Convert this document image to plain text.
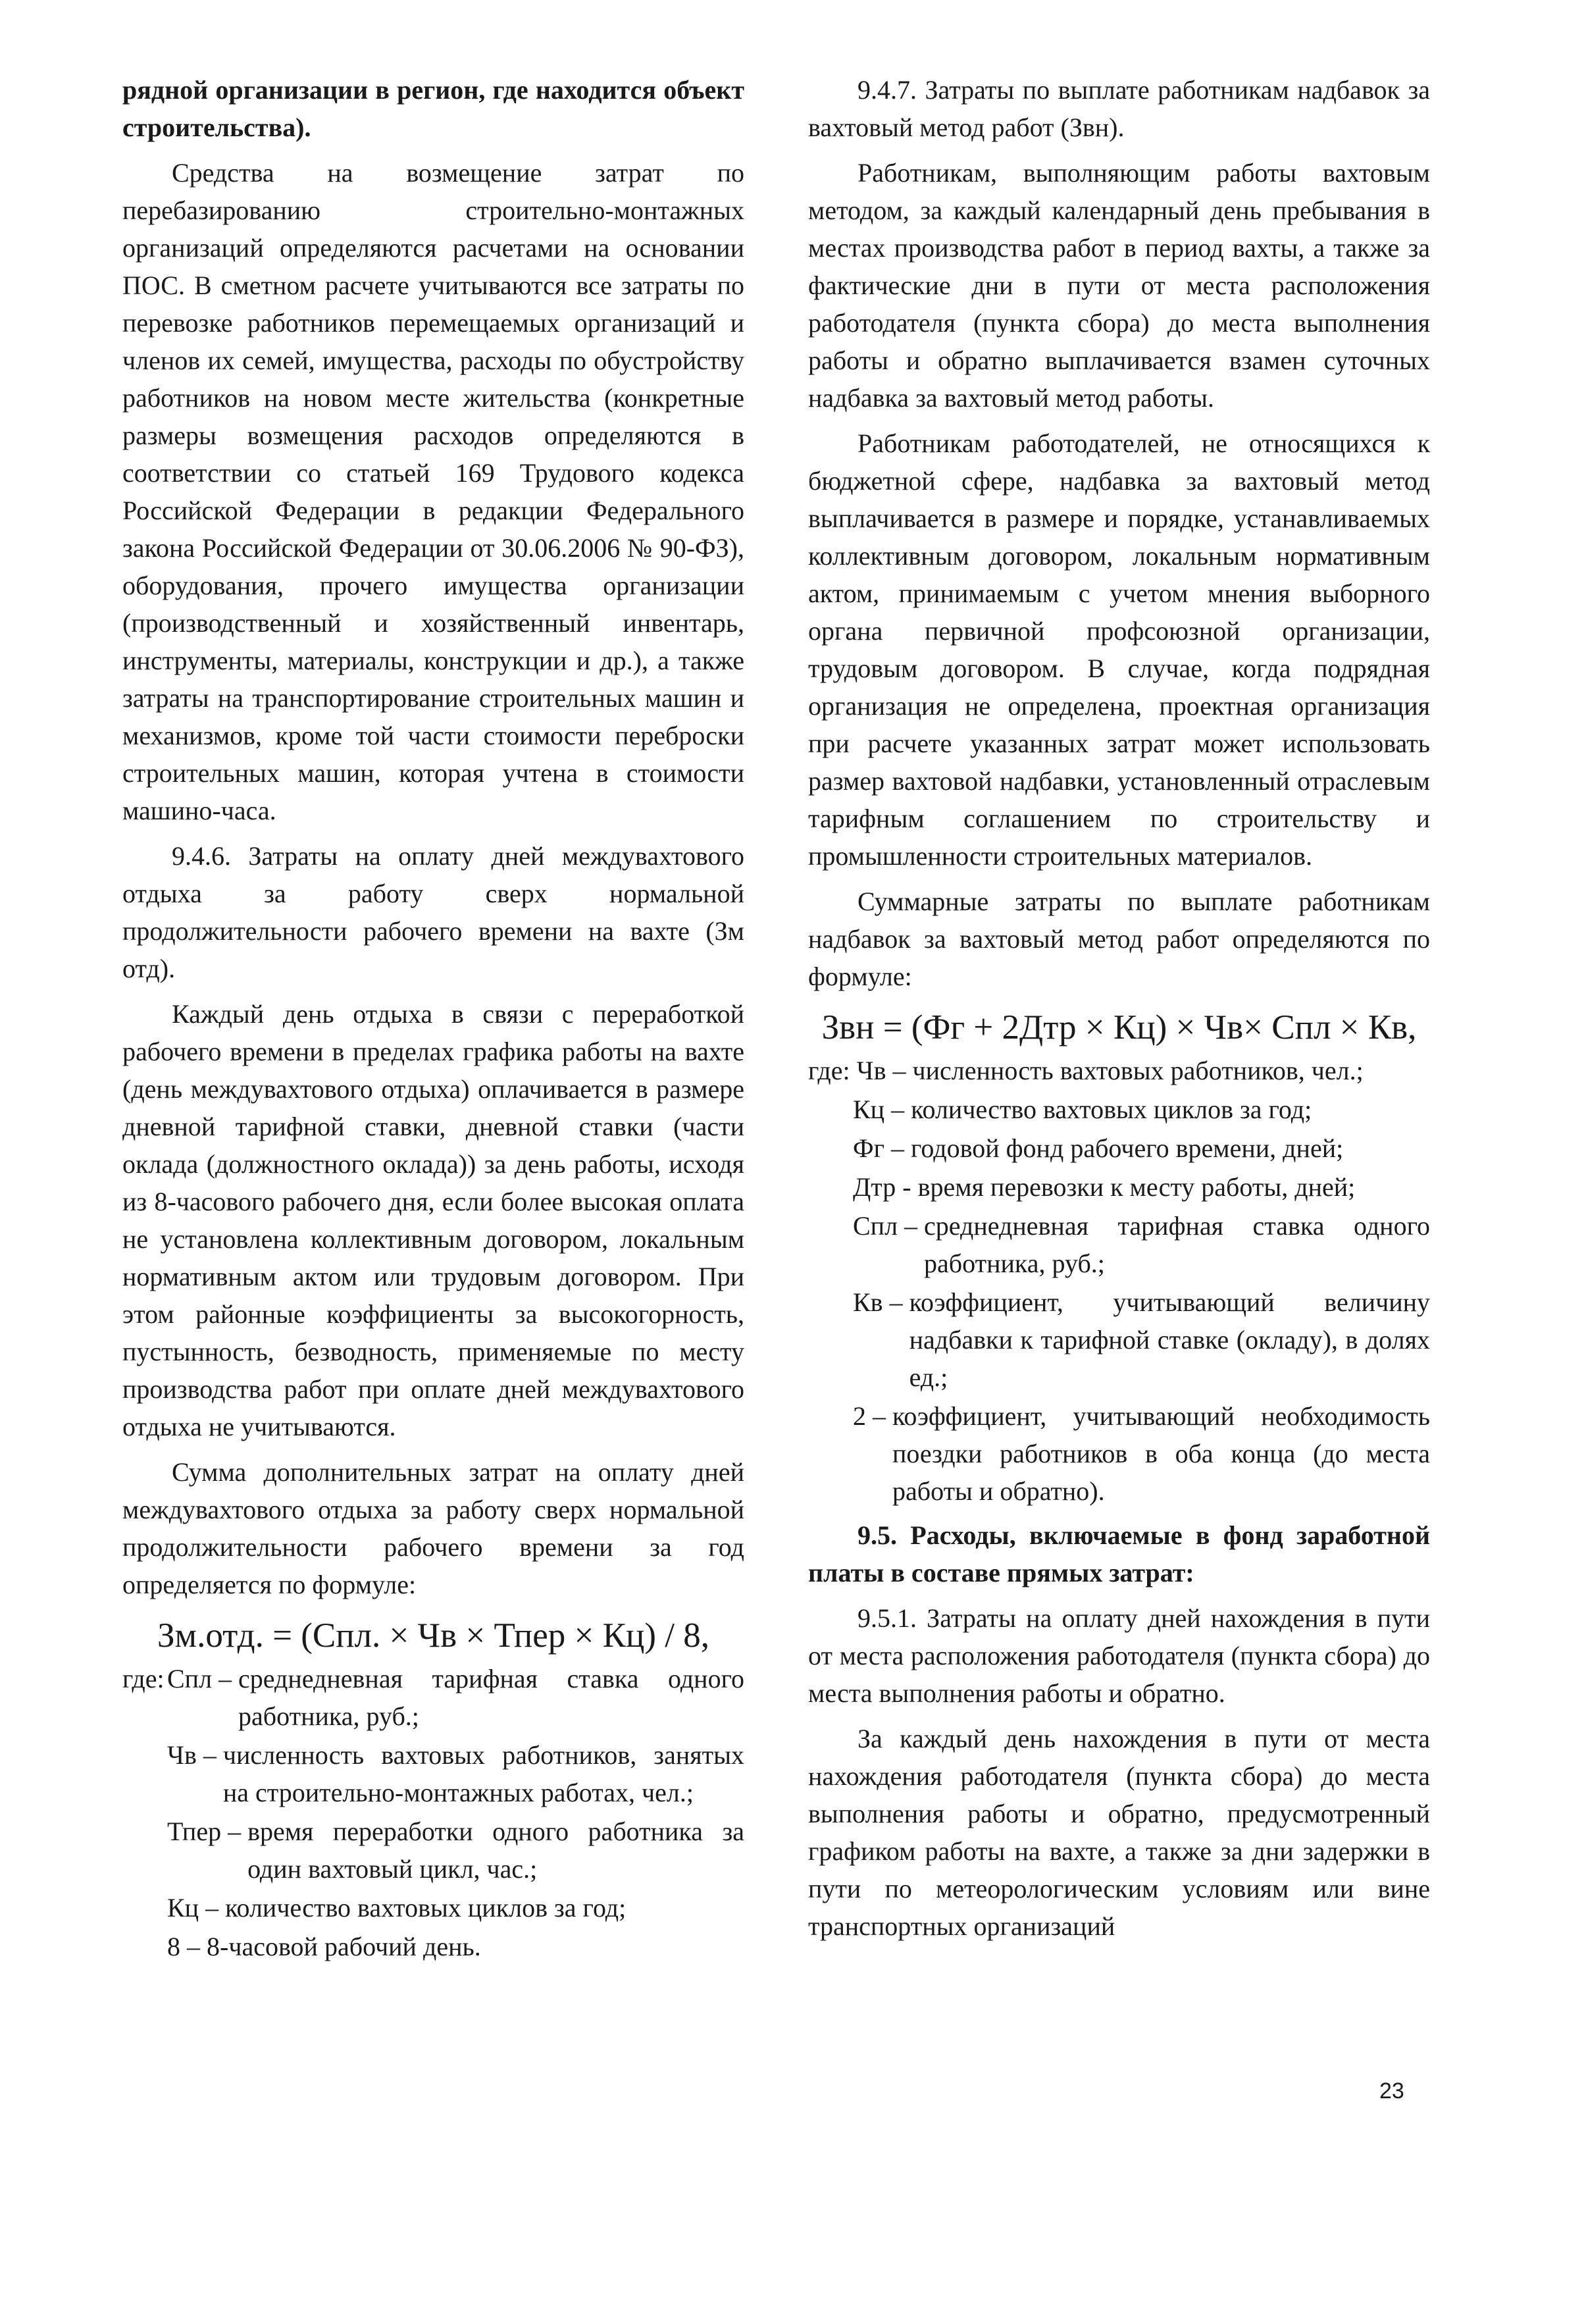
рядной организации в регион, где находится объект строительства).

Средства на возмещение затрат по перебазированию строительно-монтажных организаций определяются расчетами на основании ПОС. В сметном расчете учитываются все затраты по перевозке работников перемещаемых организаций и членов их семей, имущества, расходы по обустройству работников на новом месте жительства (конкретные размеры возмещения расходов определяются в соответствии со статьей 169 Трудового кодекса Российской Федерации в редакции Федерального закона Российской Федерации от 30.06.2006 № 90-ФЗ), оборудования, прочего имущества организации (производственный и хозяйственный инвентарь, инструменты, материалы, конструкции и др.), а также затраты на транспортирование строительных машин и механизмов, кроме той части стоимости переброски строительных машин, которая учтена в стоимости машино-часа.

9.4.6. Затраты на оплату дней междувахтового отдыха за работу сверх нормальной продолжительности рабочего времени на вахте (Зм отд).

Каждый день отдыха в связи с переработкой рабочего времени в пределах графика работы на вахте (день междувахтового отдыха) оплачивается в размере дневной тарифной ставки, дневной ставки (части оклада (должностного оклада)) за день работы, исходя из 8-часового рабочего дня, если более высокая оплата не установлена коллективным договором, локальным нормативным актом или трудовым договором. При этом районные коэффициенты за высокогорность, пустынность, безводность, применяемые по месту производства работ при оплате дней междувахтового отдыха не учитываются.

Сумма дополнительных затрат на оплату дней междувахтового отдыха за работу сверх нормальной продолжительности рабочего времени за год определяется по формуле:

Зм.отд. = (Спл. × Чв × Тпер × Кц) / 8,

где: Спл – среднедневная тарифная ставка одного работника, руб.;
Чв – численность вахтовых работников, занятых на строительно-монтажных работах, чел.;
Тпер – время переработки одного работника за один вахтовый цикл, час.;
Кц – количество вахтовых циклов за год;
8 – 8-часовой рабочий день.

9.4.7. Затраты по выплате работникам надбавок за вахтовый метод работ (Звн).

Работникам, выполняющим работы вахтовым методом, за каждый календарный день пребывания в местах производства работ в период вахты, а также за фактические дни в пути от места расположения работодателя (пункта сбора) до места выполнения работы и обратно выплачивается взамен суточных надбавка за вахтовый метод работы.

Работникам работодателей, не относящихся к бюджетной сфере, надбавка за вахтовый метод выплачивается в размере и порядке, устанавливаемых коллективным договором, локальным нормативным актом, принимаемым с учетом мнения выборного органа первичной профсоюзной организации, трудовым договором. В случае, когда подрядная организация не определена, проектная организация при расчете указанных затрат может использовать размер вахтовой надбавки, установленный отраслевым тарифным соглашением по строительству и промышленности строительных материалов.

Суммарные затраты по выплате работникам надбавок за вахтовый метод работ определяются по формуле:

Звн = (Фг + 2Дтр × Кц) × Чв× Спл × Кв,

где: Чв – численность вахтовых работников, чел.;

Кц – количество вахтовых циклов за год;

Фг – годовой фонд рабочего времени, дней;

Дтр - время перевозки к месту работы, дней;
Спл – среднедневная тарифная ставка одного работника, руб.;
Кв – коэффициент, учитывающий величину надбавки к тарифной ставке (окладу), в долях ед.;
2 – коэффициент, учитывающий необходимость поездки работников в оба конца (до места работы и обратно).

9.5. Расходы, включаемые в фонд заработной платы в составе прямых затрат:

9.5.1. Затраты на оплату дней нахождения в пути от места расположения работодателя (пункта сбора) до места выполнения работы и обратно.

За каждый день нахождения в пути от места нахождения работодателя (пункта сбора) до места выполнения работы и обратно, предусмотренный графиком работы на вахте, а также за дни задержки в пути по метеорологическим условиям или вине транспортных организаций

23
